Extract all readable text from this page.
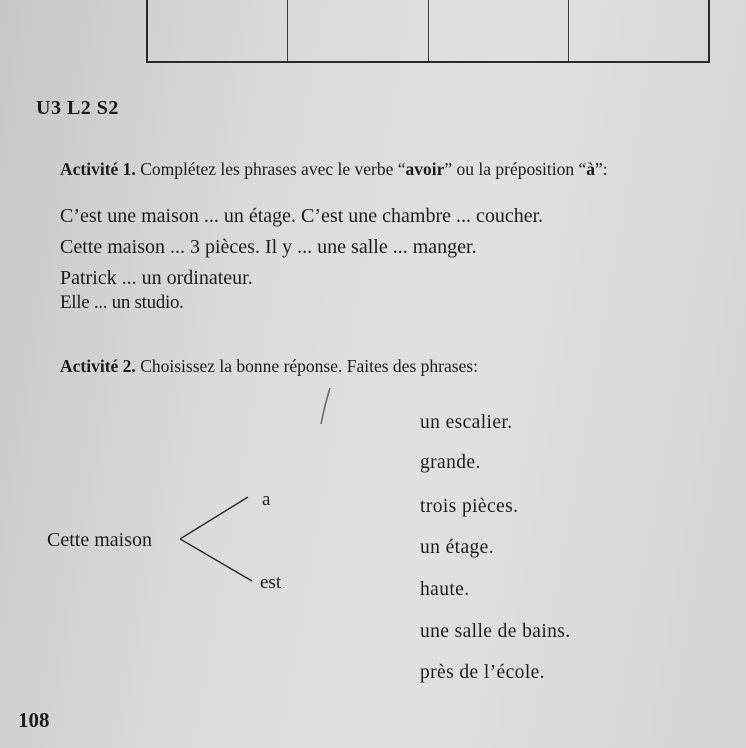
U3 L2 S2
Activité 1. Complétez les phrases avec le verbe “avoir” ou la préposition “à”:
C’est une maison ... un étage. C’est une chambre ... coucher.
Cette maison ... 3 pièces. Il y ... une salle ... manger.
Patrick ... un ordinateur.
Elle ... un studio.
Activité 2. Choisissez la bonne réponse. Faites des phrases:
Cette maison
a
est
un escalier.
grande.
trois pièces.
un étage.
haute.
une salle de bains.
près de l’école.
108
